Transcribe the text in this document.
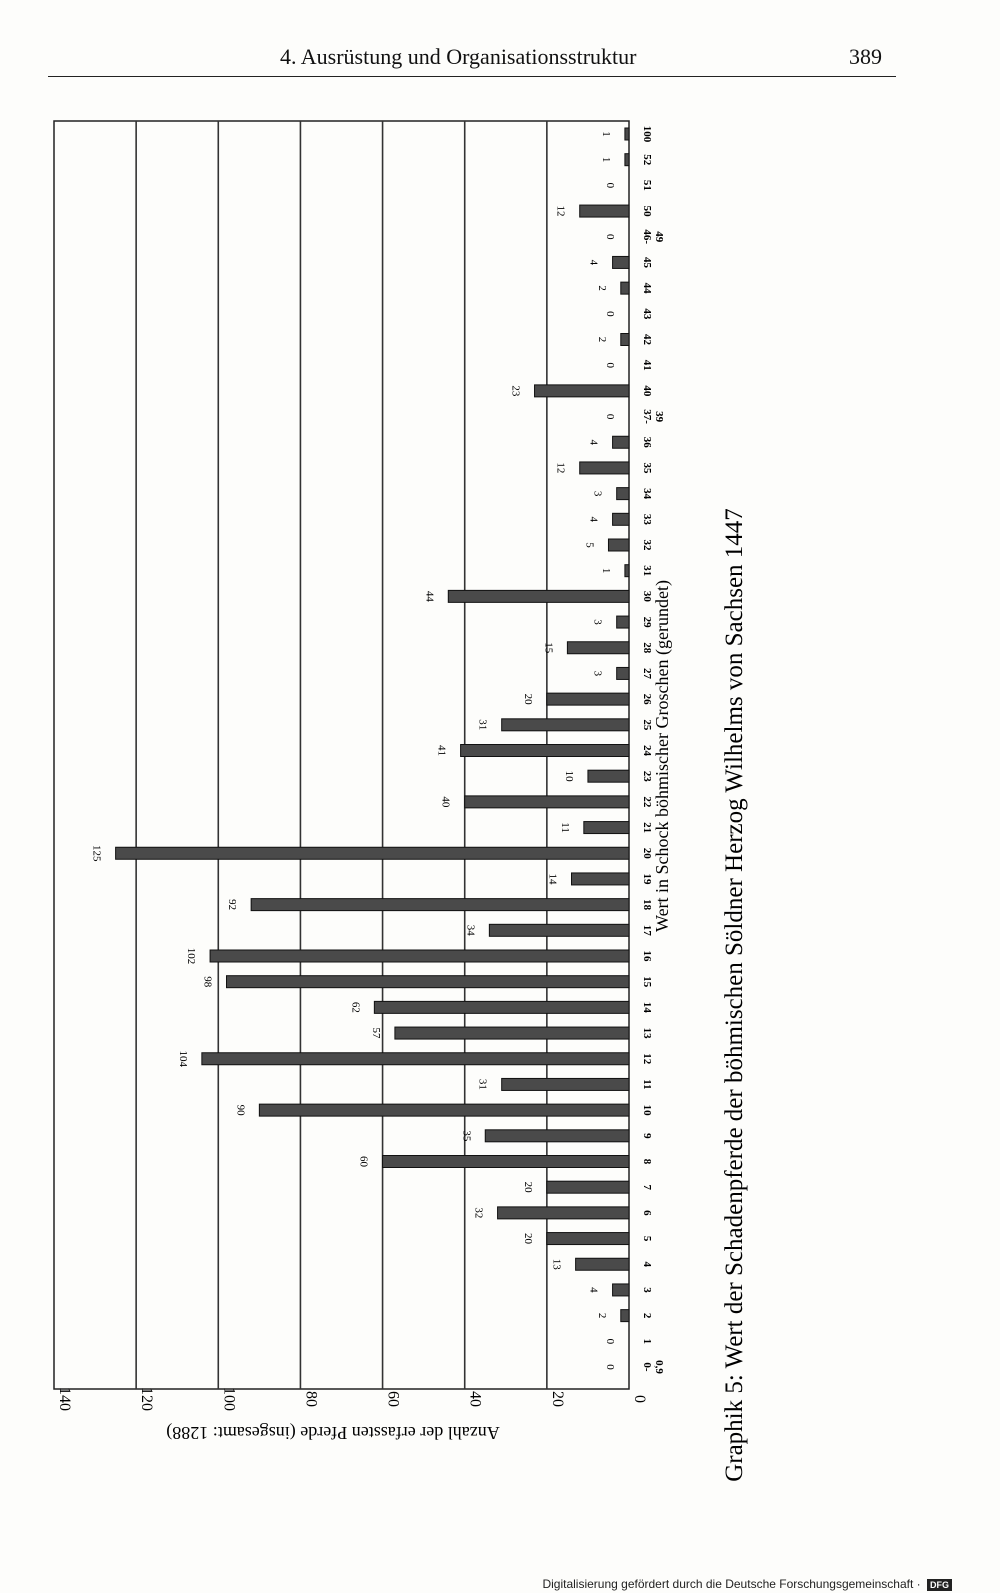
4. Ausrüstung und Organisationsstruktur	389
0
20
40
60
80
100
120
140
0 0- 0,9
0 1
2	2
4	3
13	4
20	5
32	6
20	7
60	8
35	9
90	10
31	11
104	12
57	13
62	14
98	15
102	16
34	17
92	18
14	19
125	20
11	21
40	22
10	23
41	24
31	25
20	26
3	27
15	28
3	29
44	30
1	31
5	32
4	33
3	34
12	35
4	36
0 37- 39
23	40
0 41
2	42
0 43
2	44
4	45
0 46- 49
12	50
0 51
1	52
1	100
Wert in Schock böhmischer Groschen (gerundet)
Anzahl der erfassten Pferde (insgesamt: 1288)	Graphik 5: Wert der Schadenpferde der böhmischen Söldner Herzog Wilhelms von Sachsen 1447
Digitalisierung gefördert durch die Deutsche Forschungsgemeinschaft · DFG
